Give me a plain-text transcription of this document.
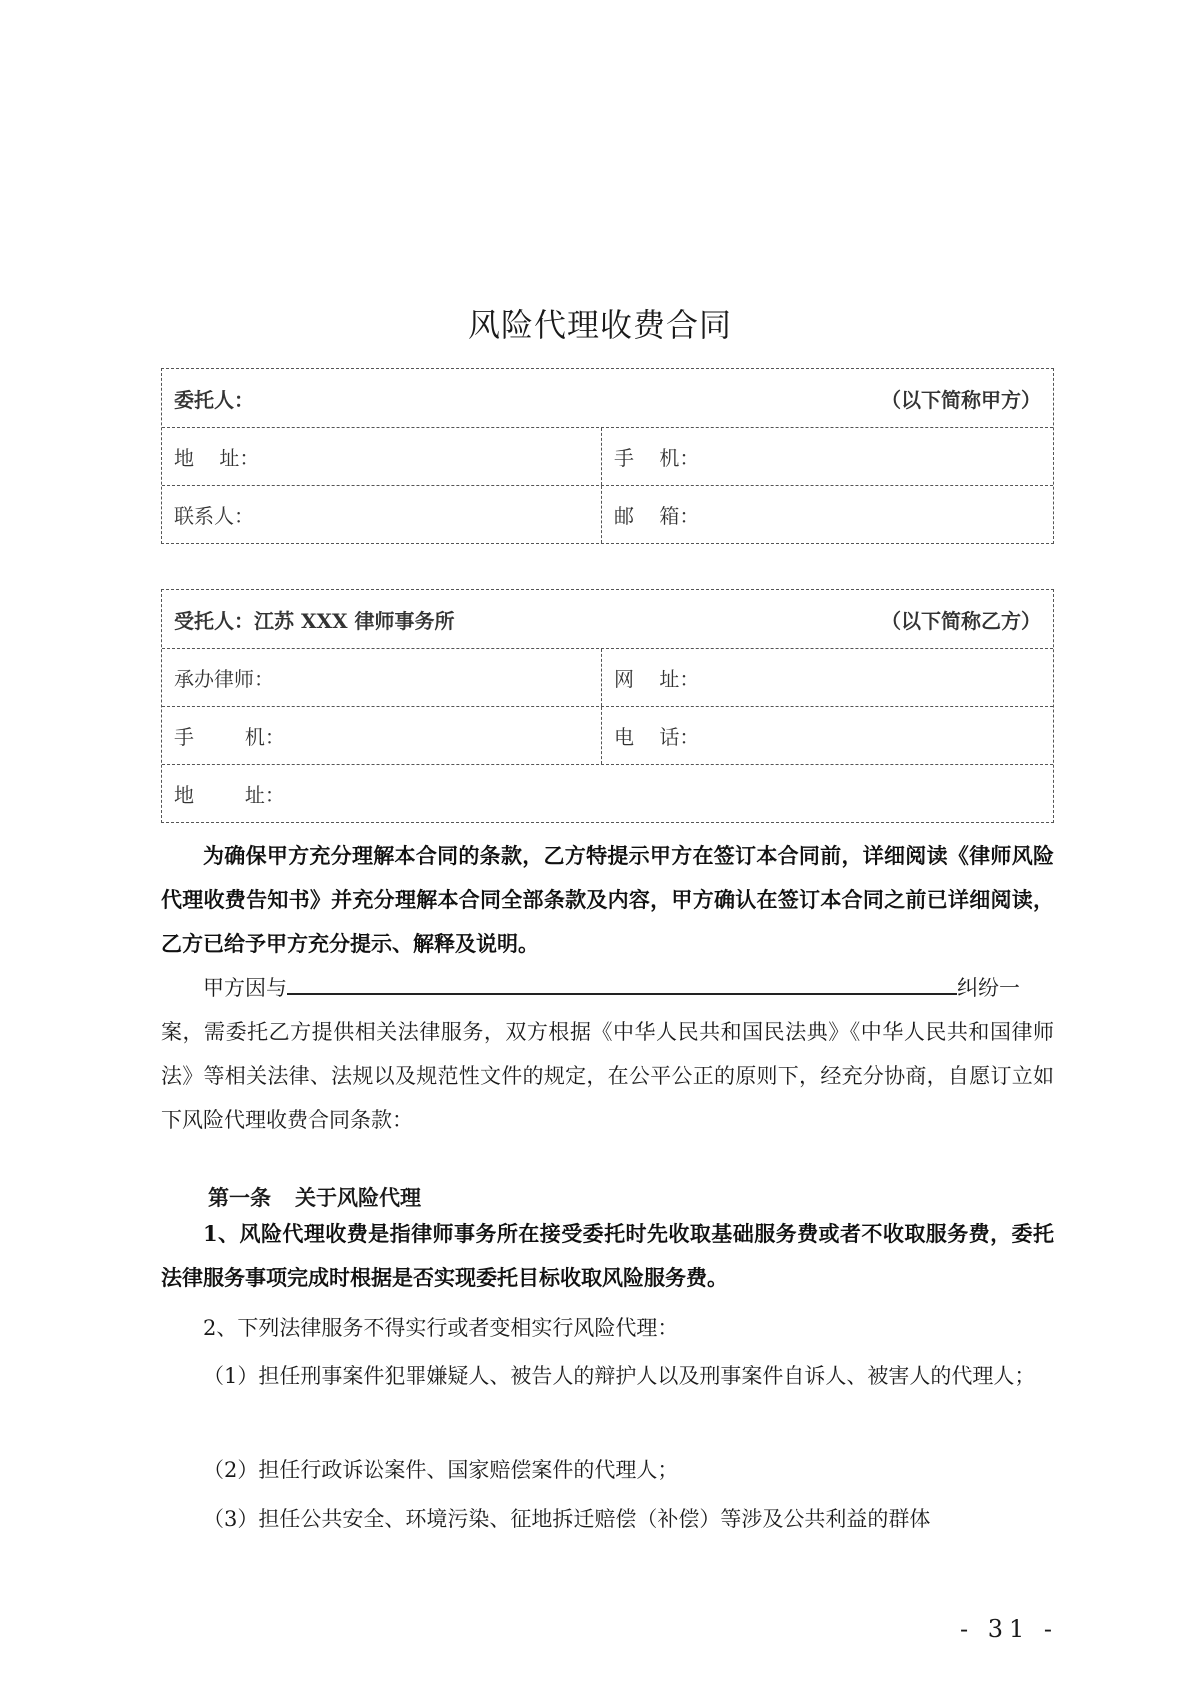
风险代理收费合同
委托人：	（以下简称甲方）
地    址：	手    机：
联系人：	邮    箱：
受托人：江苏 XXX 律师事务所	（以下简称乙方）
承办律师：	网    址：
手        机：	电    话：
地        址：
为确保甲方充分理解本合同的条款，乙方特提示甲方在签订本合同前，详细阅读《律师风险代理收费告知书》并充分理解本合同全部条款及内容，甲方确认在签订本合同之前已详细阅读，乙方已给予甲方充分提示、解释及说明。
甲方因与	纠纷一
案，需委托乙方提供相关法律服务，双方根据《中华人民共和国民法典》《中华人民共和国律师法》等相关法律、法规以及规范性文件的规定，在公平公正的原则下，经充分协商，自愿订立如下风险代理收费合同条款：
第一条 关于风险代理
1、风险代理收费是指律师事务所在接受委托时先收取基础服务费或者不收取服务费，委托法律服务事项完成时根据是否实现委托目标收取风险服务费。
2、下列法律服务不得实行或者变相实行风险代理：
（1）担任刑事案件犯罪嫌疑人、被告人的辩护人以及刑事案件自诉人、被害人的代理人；
（2）担任行政诉讼案件、国家赔偿案件的代理人；
（3）担任公共安全、环境污染、征地拆迁赔偿（补偿）等涉及公共利益的群体
- 31 -
